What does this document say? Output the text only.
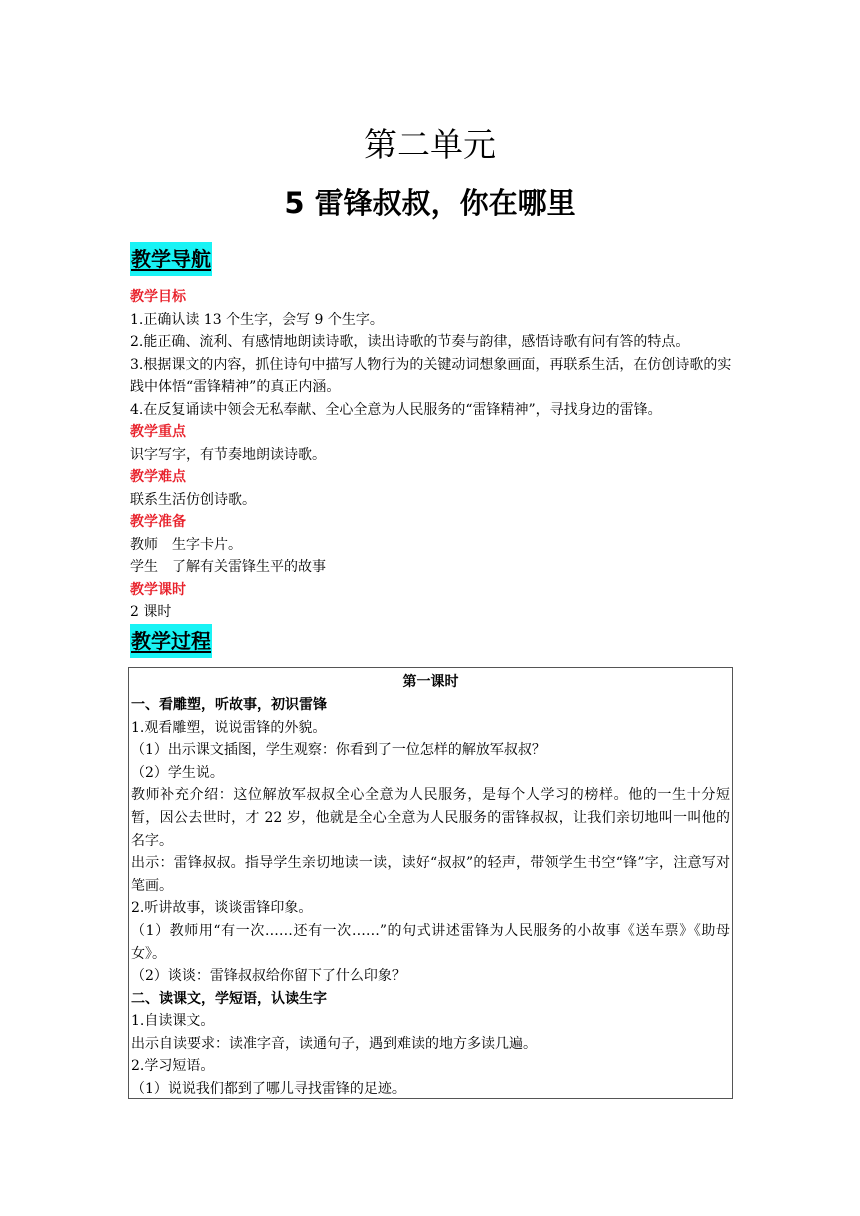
第二单元
5 雷锋叔叔，你在哪里
教学导航
教学目标
1.正确认读 13 个生字，会写 9 个生字。
2.能正确、流利、有感情地朗读诗歌，读出诗歌的节奏与韵律，感悟诗歌有问有答的特点。
3.根据课文的内容，抓住诗句中描写人物行为的关键动词想象画面，再联系生活，在仿创诗歌的实践中体悟“雷锋精神”的真正内涵。
4.在反复诵读中领会无私奉献、全心全意为人民服务的“雷锋精神”，寻找身边的雷锋。
教学重点
识字写字，有节奏地朗读诗歌。
教学难点
联系生活仿创诗歌。
教学准备
教师　生字卡片。
学生　了解有关雷锋生平的故事
教学课时
2 课时
教学过程
第一课时
一、看雕塑，听故事，初识雷锋
1.观看雕塑，说说雷锋的外貌。
（1）出示课文插图，学生观察：你看到了一位怎样的解放军叔叔？
（2）学生说。
教师补充介绍：这位解放军叔叔全心全意为人民服务，是每个人学习的榜样。他的一生十分短暂，因公去世时，才 22 岁，他就是全心全意为人民服务的雷锋叔叔，让我们亲切地叫一叫他的名字。
出示：雷锋叔叔。指导学生亲切地读一读，读好“叔叔”的轻声，带领学生书空“锋”字，注意写对笔画。
2.听讲故事，谈谈雷锋印象。
（1）教师用“有一次……还有一次……”的句式讲述雷锋为人民服务的小故事《送车票》《助母女》。
（2）谈谈：雷锋叔叔给你留下了什么印象？
二、读课文，学短语，认读生字
1.自读课文。
出示自读要求：读准字音，读通句子，遇到难读的地方多读几遍。
2.学习短语。
（1）说说我们都到了哪儿寻找雷锋的足迹。
